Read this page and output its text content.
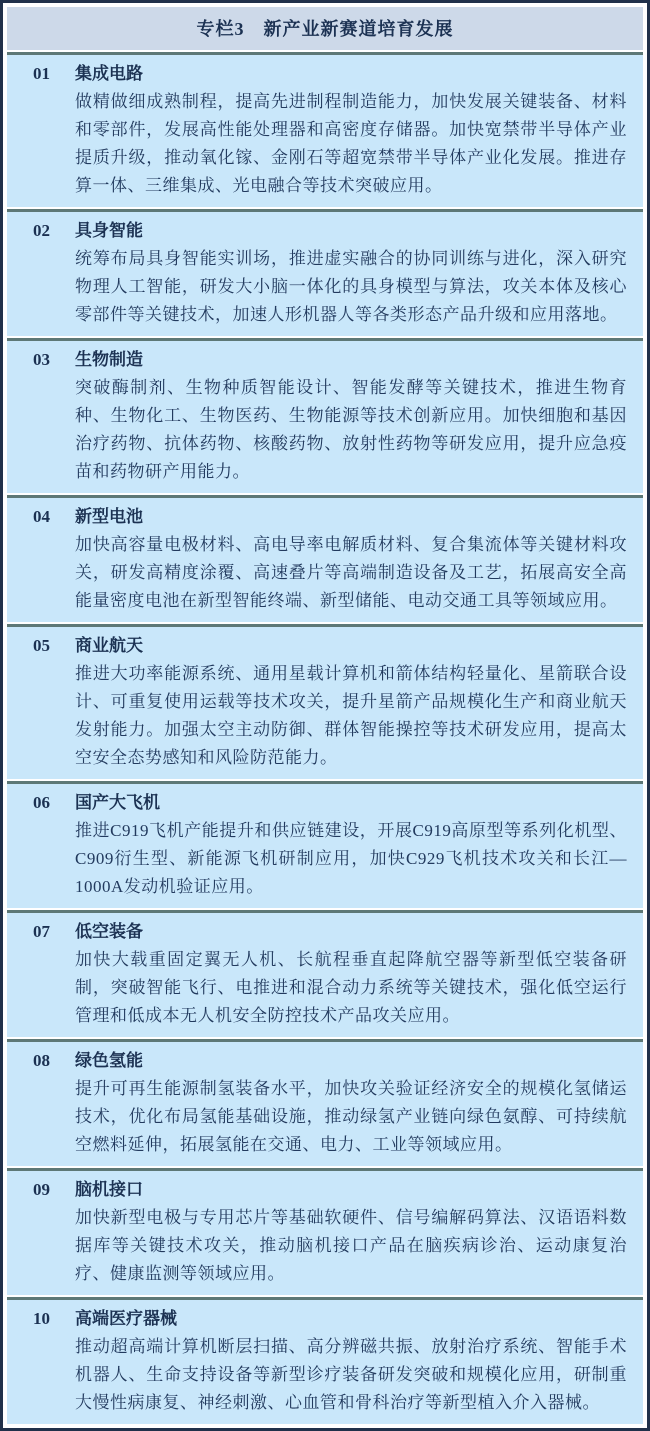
专栏3　新产业新赛道培育发展
01	集成电路

做精做细成熟制程，提高先进制程制造能力，加快发展关键装备、材料和零部件，发展高性能处理器和高密度存储器。加快宽禁带半导体产业提质升级，推动氧化镓、金刚石等超宽禁带半导体产业化发展。推进存算一体、三维集成、光电融合等技术突破应用。

02	具身智能

统筹布局具身智能实训场，推进虚实融合的协同训练与进化，深入研究物理人工智能，研发大小脑一体化的具身模型与算法，攻关本体及核心零部件等关键技术，加速人形机器人等各类形态产品升级和应用落地。

03	生物制造

突破酶制剂、生物种质智能设计、智能发酵等关键技术，推进生物育种、生物化工、生物医药、生物能源等技术创新应用。加快细胞和基因治疗药物、抗体药物、核酸药物、放射性药物等研发应用，提升应急疫苗和药物研产用能力。

04	新型电池

加快高容量电极材料、高电导率电解质材料、复合集流体等关键材料攻关，研发高精度涂覆、高速叠片等高端制造设备及工艺，拓展高安全高能量密度电池在新型智能终端、新型储能、电动交通工具等领域应用。

05	商业航天

推进大功率能源系统、通用星载计算机和箭体结构轻量化、星箭联合设计、可重复使用运载等技术攻关，提升星箭产品规模化生产和商业航天发射能力。加强太空主动防御、群体智能操控等技术研发应用，提高太空安全态势感知和风险防范能力。

06	国产大飞机

推进C919飞机产能提升和供应链建设，开展C919高原型等系列化机型、C909衍生型、新能源飞机研制应用，加快C929飞机技术攻关和长江—1000A发动机验证应用。

07	低空装备

加快大载重固定翼无人机、长航程垂直起降航空器等新型低空装备研制，突破智能飞行、电推进和混合动力系统等关键技术，强化低空运行管理和低成本无人机安全防控技术产品攻关应用。

08	绿色氢能

提升可再生能源制氢装备水平，加快攻关验证经济安全的规模化氢储运技术，优化布局氢能基础设施，推动绿氢产业链向绿色氨醇、可持续航空燃料延伸，拓展氢能在交通、电力、工业等领域应用。

09	脑机接口

加快新型电极与专用芯片等基础软硬件、信号编解码算法、汉语语料数据库等关键技术攻关，推动脑机接口产品在脑疾病诊治、运动康复治疗、健康监测等领域应用。

10	高端医疗器械

推动超高端计算机断层扫描、高分辨磁共振、放射治疗系统、智能手术机器人、生命支持设备等新型诊疗装备研发突破和规模化应用，研制重大慢性病康复、神经刺激、心血管和骨科治疗等新型植入介入器械。
